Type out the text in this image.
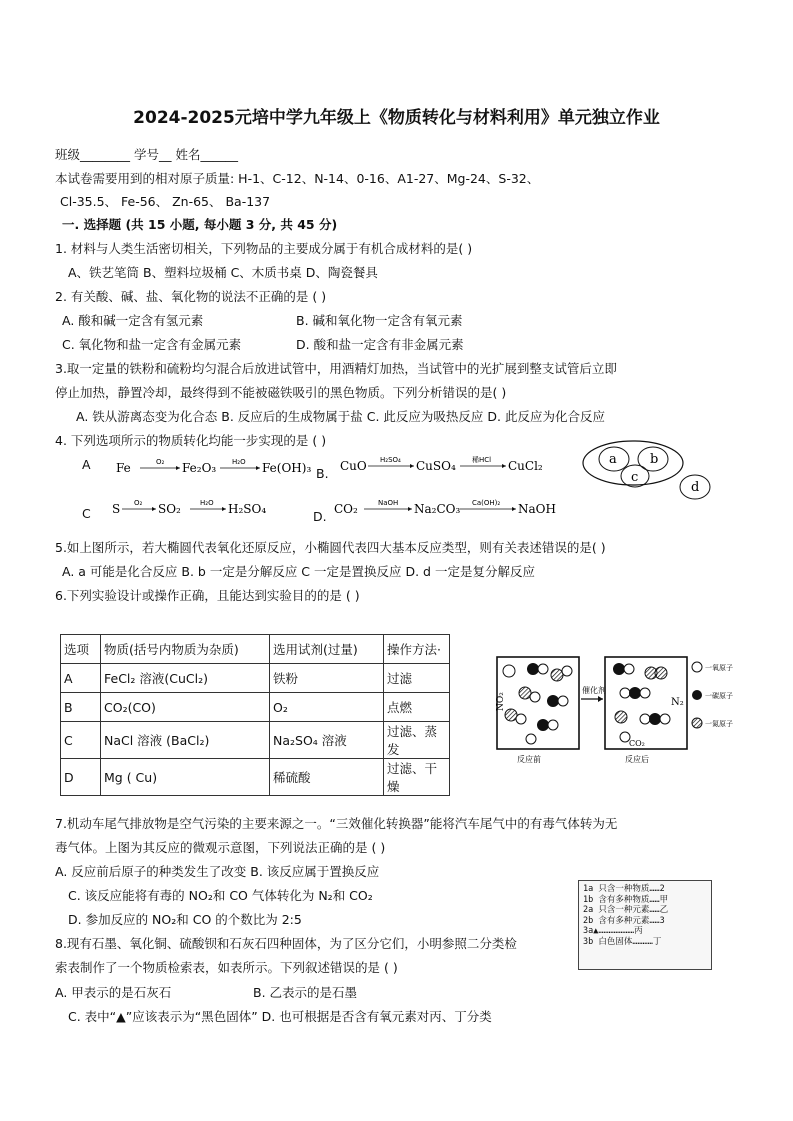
2024-2025元培中学九年级上《物质转化与材料利用》单元独立作业
班级________ 学号__ 姓名______
本试卷需要用到的相对原子质量: H-1、C-12、N-14、0-16、A1-27、Mg-24、S-32、
Cl-35.5、 Fe-56、 Zn-65、 Ba-137
一. 选择题 (共 15 小题, 每小题 3 分, 共 45 分)
1. 材料与人类生活密切相关，下列物品的主要成分属于有机合成材料的是( )
A、铁艺笔筒 B、塑料垃圾桶 C、木质书桌 D、陶瓷餐具
2. 有关酸、碱、盐、氧化物的说法不正确的是 ( )
A. 酸和碱一定含有氢元素	B. 碱和氧化物一定含有氧元素
C. 氧化物和盐一定含有金属元素	D. 酸和盐一定含有非金属元素
3.取一定量的铁粉和硫粉均匀混合后放进试管中，用酒精灯加热，当试管中的光扩展到整支试管后立即
停止加热，静置冷却，最终得到不能被磁铁吸引的黑色物质。下列分析错误的是( )
A. 铁从游离态变为化合态 B. 反应后的生成物属于盐 C. 此反应为吸热反应 D. 此反应为化合反应
4. 下列选项所示的物质转化均能一步实现的是 ( )
A Fe	O₂ Fe₂O₃ H₂O Fe(OH)₃ B. CuO H₂SO₄ CuSO₄ 稀HCl CuCl₂
C S O₂ SO₂	H₂O H₂SO₄	D. CO₂	NaOH Na₂CO₃ Ca(OH)₂ NaOH
a	b
c
d
5.如上图所示，若大椭圆代表氧化还原反应，小椭圆代表四大基本反应类型，则有关表述错误的是( )
A. a 可能是化合反应 B. b 一定是分解反应 C 一定是置换反应 D. d 一定是复分解反应
6.下列实验设计或操作正确，且能达到实验目的的是 ( )
选项	物质(括号内物质为杂质)	选用试剂(过量)	操作方法·
A	FeCl₂ 溶液(CuCl₂)	铁粉	过滤
B	CO₂(CO)	O₂	点燃
C	NaCl 溶液 (BaCl₂)	Na₂SO₄ 溶液	过滤、蒸发
D	Mg ( Cu)	稀硫酸	过滤、干燥
NO₂
催化剂
N₂
CO₂
一氧原子
一碳原子
一氮原子
反应前	反应后
7.机动车尾气排放物是空气污染的主要来源之一。“三效催化转换器”能将汽车尾气中的有毒气体转为无
毒气体。上图为其反应的微观示意图，下列说法正确的是 ( )
A. 反应前后原子的种类发生了改变 B. 该反应属于置换反应
C. 该反应能将有毒的 NO₂和 CO 气体转化为 N₂和 CO₂
D. 参加反应的 NO₂和 CO 的个数比为 2:5
1a 只含一种物质……2
1b 含有多种物质……甲
2a 只含一种元素……乙
2b 含有多种元素……3
3a▲…………………丙
3b 白色固体…………丁
8.现有石墨、氧化铜、硫酸钡和石灰石四种固体，为了区分它们，小明参照二分类检
索表制作了一个物质检索表，如表所示。下列叙述错误的是 ( )
A. 甲表示的是石灰石	B. 乙表示的是石墨
C. 表中“▲”应该表示为“黑色固体” D. 也可根据是否含有氧元素对丙、丁分类
